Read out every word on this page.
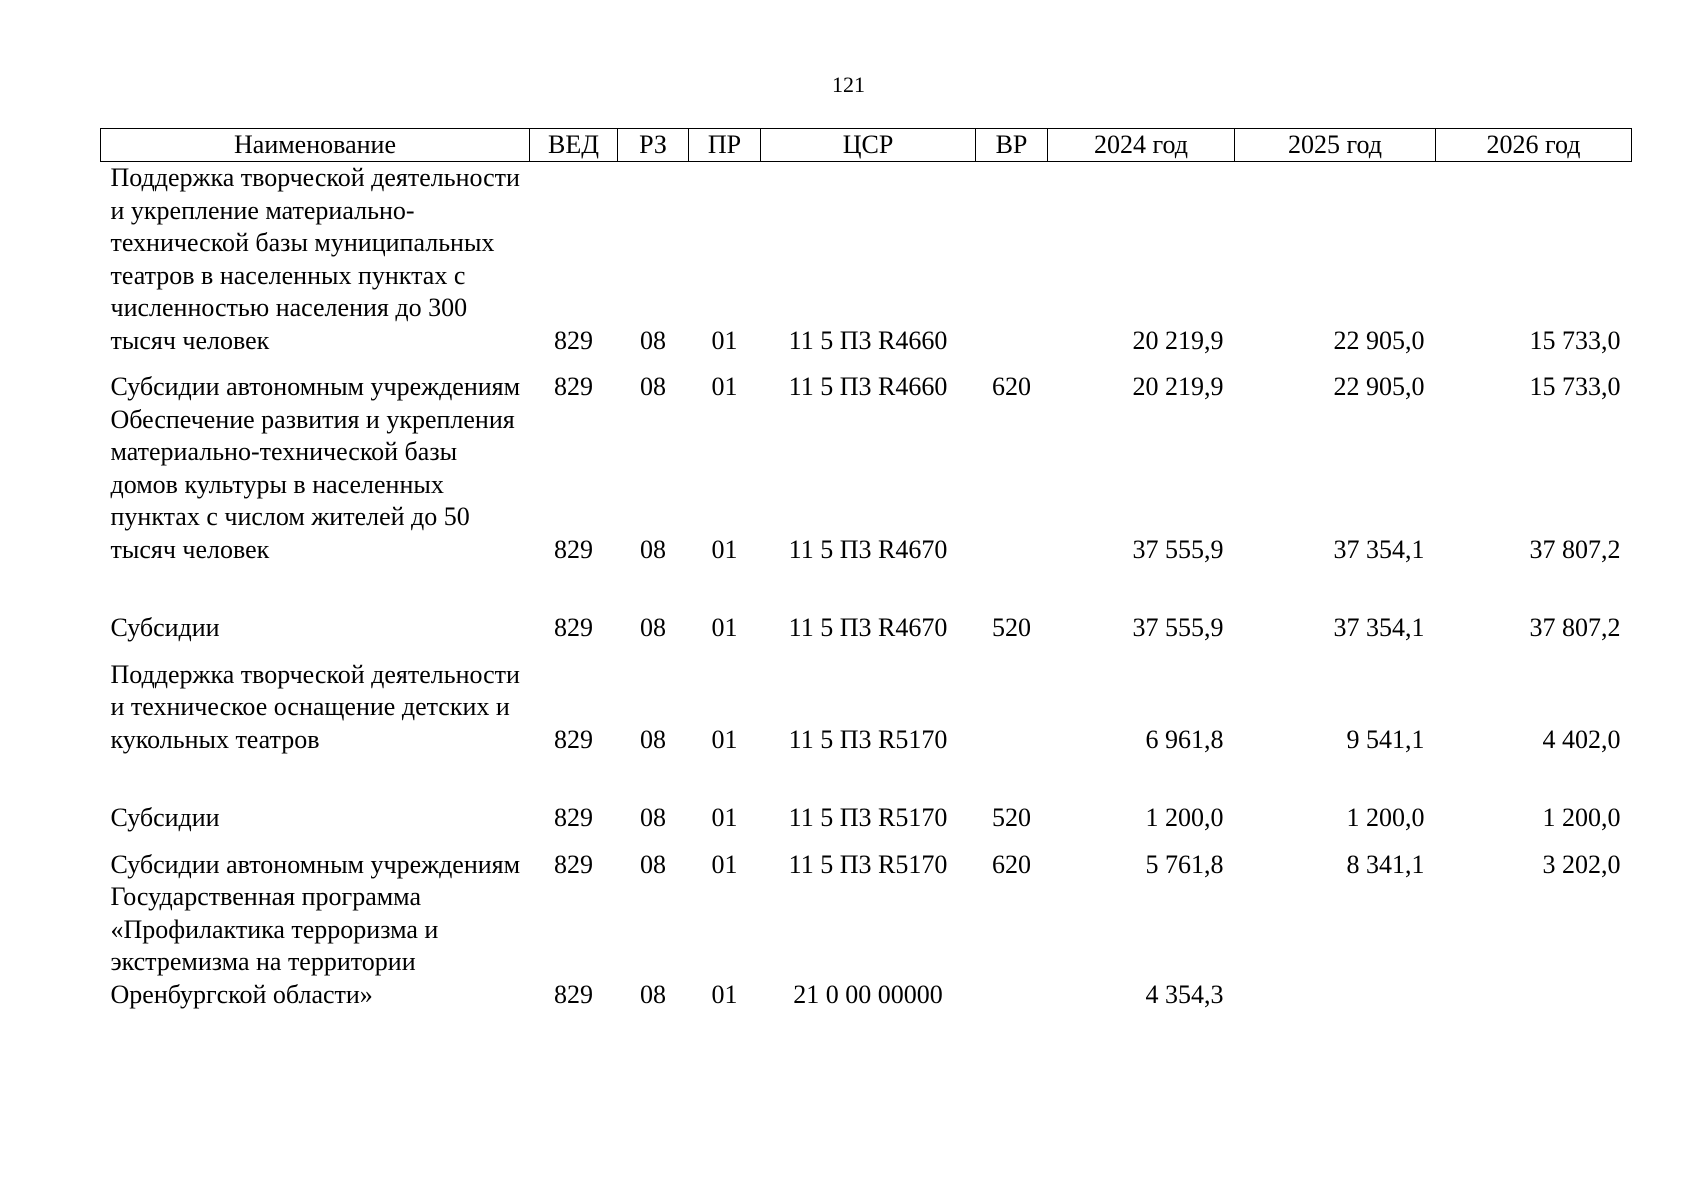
121
Наименование	ВЕД	РЗ	ПР	ЦСР	ВР	2024 год	2025 год	2026 год
Поддержка творческой деятельности и укрепление материально-технической базы муниципальных театров в населенных пунктах с численностью населения до 300 тысяч человек	829	08	01	11 5 П3 R4660		20 219,9	22 905,0	15 733,0
Субсидии автономным учреждениям	829	08	01	11 5 П3 R4660	620	20 219,9	22 905,0	15 733,0
Обеспечение развития и укрепления материально-технической базы домов культуры в населенных пунктах с числом жителей до 50 тысяч человек	829	08	01	11 5 П3 R4670		37 555,9	37 354,1	37 807,2
Субсидии	829	08	01	11 5 П3 R4670	520	37 555,9	37 354,1	37 807,2
Поддержка творческой деятельности и техническое оснащение детских и кукольных театров	829	08	01	11 5 П3 R5170		6 961,8	9 541,1	4 402,0
Субсидии	829	08	01	11 5 П3 R5170	520	1 200,0	1 200,0	1 200,0
Субсидии автономным учреждениям	829	08	01	11 5 П3 R5170	620	5 761,8	8 341,1	3 202,0
Государственная программа «Профилактика терроризма и экстремизма на территории Оренбургской области»	829	08	01	21 0 00 00000		4 354,3		
